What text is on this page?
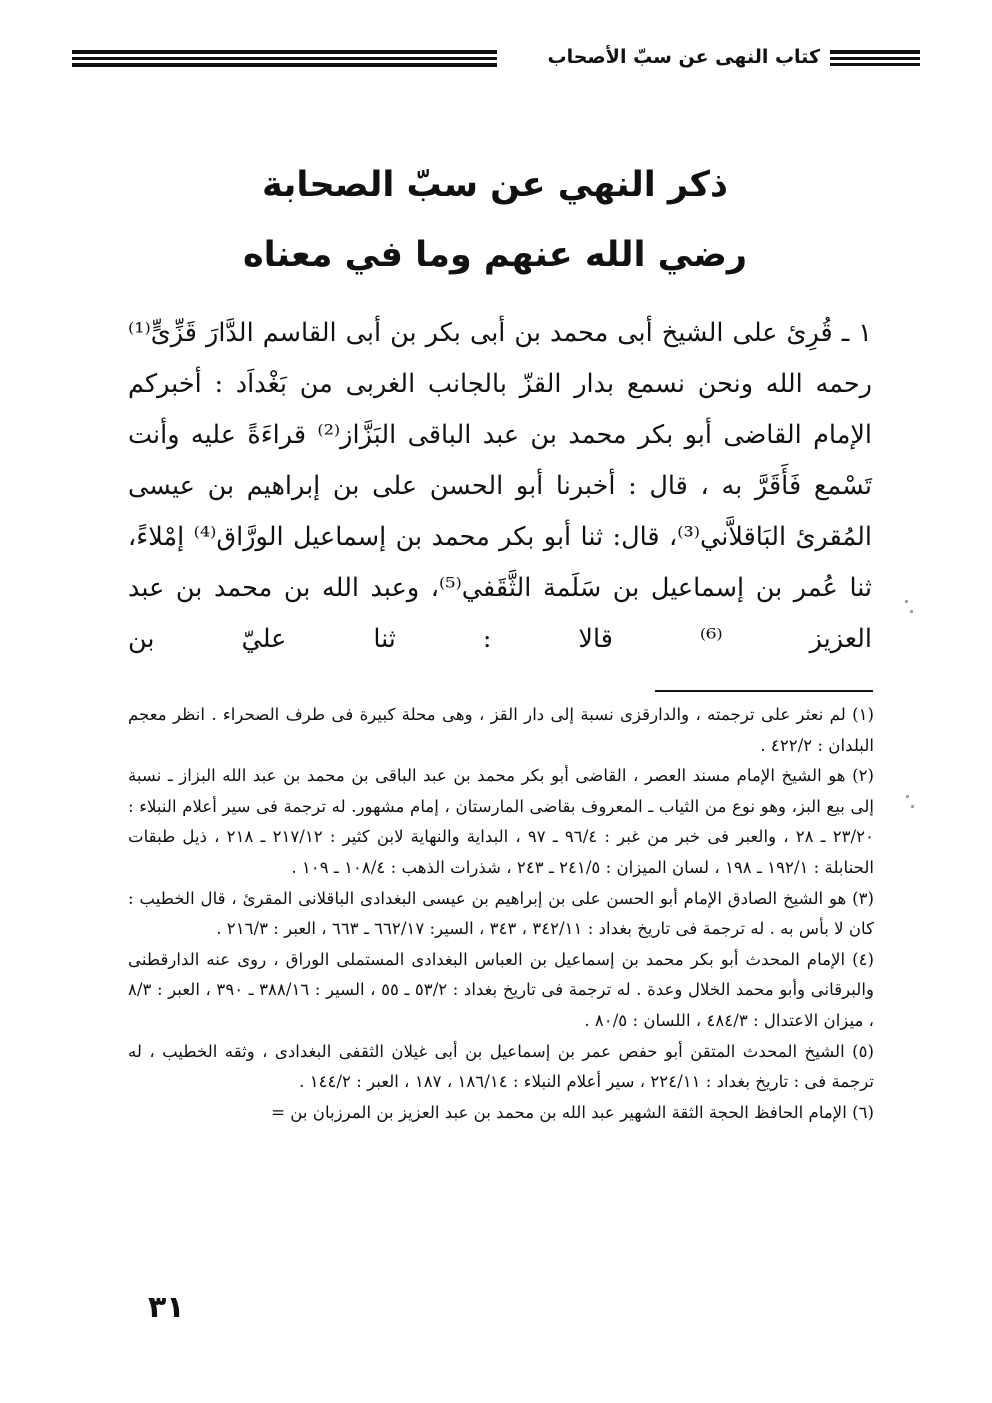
كتاب النهى عن سبّ الأصحاب
ذكر النهي عن سبّ الصحابة
رضي الله عنهم وما في معناه

١ ـ قُرِئ على الشيخ أبى محمد بن أبى بكر بن أبى القاسم الدَّارَ قَزِّىٍّ⁽¹⁾ رحمه الله ونحن نسمع بدار القزّ بالجانب الغربى من بَغْداَد : أخبركم الإمام القاضى أبو بكر محمد بن عبد الباقى البَزَّاز⁽²⁾ قراءَةً عليه وأنت تَسْمع فَأَقَرَّ به ، قال : أخبرنا أبو الحسن على بن إبراهيم بن عيسى المُقرئ البَاقلاَّني⁽³⁾، قال: ثنا أبو بكر محمد بن إسماعيل الورَّاق⁽⁴⁾ إمْلاءً، ثنا عُمر بن إسماعيل بن سَلَمة الثَّقَفي⁽⁵⁾، وعبد الله بن محمد بن عبد العزيز ⁽⁶⁾ قالا : ثنا عليّ بن

(١) لم نعثر على ترجمته ، والدارقزى نسبة إلى دار القز ، وهى محلة كبيرة فى طرف الصحراء . انظر معجم البلدان : ٤٢٢/٢ .

(٢) هو الشيخ الإمام مسند العصر ، القاضى أبو بكر محمد بن عبد الباقى بن محمد بن عبد الله البزاز ـ نسبة إلى بيع البز، وهو نوع من الثياب ـ المعروف بقاضى المارستان ، إمام مشهور. له ترجمة فى سير أعلام النبلاء : ٢٣/٢٠ ـ ٢٨ ، والعبر فى خبر من غبر : ٩٦/٤ ـ ٩٧ ، البداية والنهاية لابن كثير : ٢١٧/١٢ ـ ٢١٨ ، ذيل طبقات الحنابلة : ١٩٢/١ ـ ١٩٨ ، لسان الميزان : ٢٤١/٥ ـ ٢٤٣ ، شذرات الذهب : ١٠٨/٤ ـ ١٠٩ .

(٣) هو الشيخ الصادق الإمام أبو الحسن على بن إبراهيم بن عيسى البغدادى الباقلانى المقرئ ، قال الخطيب : كان لا بأس به . له ترجمة فى تاريخ بغداد : ٣٤٢/١١ ، ٣٤٣ ، السير: ٦٦٢/١٧ ـ ٦٦٣ ، العبر : ٢١٦/٣ .

(٤) الإمام المحدث أبو بكر محمد بن إسماعيل بن العباس البغدادى المستملى الوراق ، روى عنه الدارقطنى والبرقانى وأبو محمد الخلال وعدة . له ترجمة فى تاريخ بغداد : ٥٣/٢ ـ ٥٥ ، السير : ٣٨٨/١٦ ـ ٣٩٠ ، العبر : ٨/٣ ، ميزان الاعتدال : ٤٨٤/٣ ، اللسان : ٨٠/٥ .

(٥) الشيخ المحدث المتقن أبو حفص عمر بن إسماعيل بن أبى غيلان الثقفى البغدادى ، وثقه الخطيب ، له ترجمة فى : تاريخ بغداد : ٢٢٤/١١ ، سير أعلام النبلاء : ١٨٦/١٤ ، ١٨٧ ، العبر : ١٤٤/٢ .

(٦) الإمام الحافظ الحجة الثقة الشهير عبد الله بن محمد بن عبد العزيز بن المرزبان بن =

٣١
